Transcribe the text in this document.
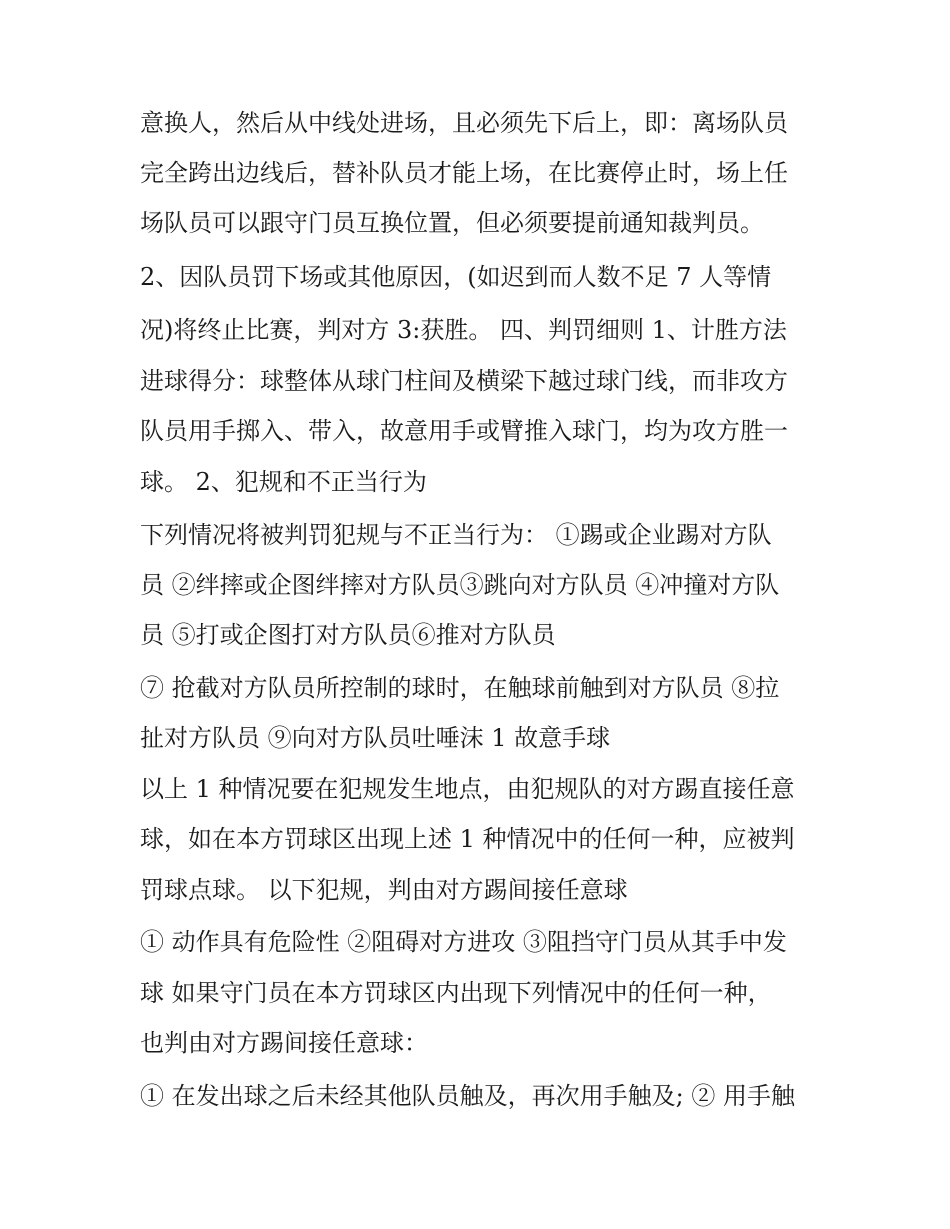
意换人，然后从中线处进场，且必须先下后上，即：离场队员
完全跨出边线后，替补队员才能上场，在比赛停止时，场上任
场队员可以跟守门员互换位置，但必须要提前通知裁判员。
2、因队员罚下场或其他原因，(如迟到而人数不足 7 人等情
况)将终止比赛，判对方 3:获胜。 四、判罚细则 1、计胜方法
进球得分：球整体从球门柱间及横梁下越过球门线，而非攻方
队员用手掷入、带入，故意用手或臂推入球门，均为攻方胜一
球。 2、犯规和不正当行为
下列情况将被判罚犯规与不正当行为： ①踢或企业踢对方队
员 ②绊摔或企图绊摔对方队员③跳向对方队员 ④冲撞对方队
员 ⑤打或企图打对方队员⑥推对方队员
⑦ 抢截对方队员所控制的球时，在触球前触到对方队员 ⑧拉
扯对方队员 ⑨向对方队员吐唾沫 1 故意手球
以上 1 种情况要在犯规发生地点，由犯规队的对方踢直接任意
球，如在本方罚球区出现上述 1 种情况中的任何一种，应被判
罚球点球。 以下犯规，判由对方踢间接任意球
① 动作具有危险性 ②阻碍对方进攻 ③阻挡守门员从其手中发
球 如果守门员在本方罚球区内出现下列情况中的任何一种，
也判由对方踢间接任意球：
① 在发出球之后未经其他队员触及，再次用手触及; ② 用手触
